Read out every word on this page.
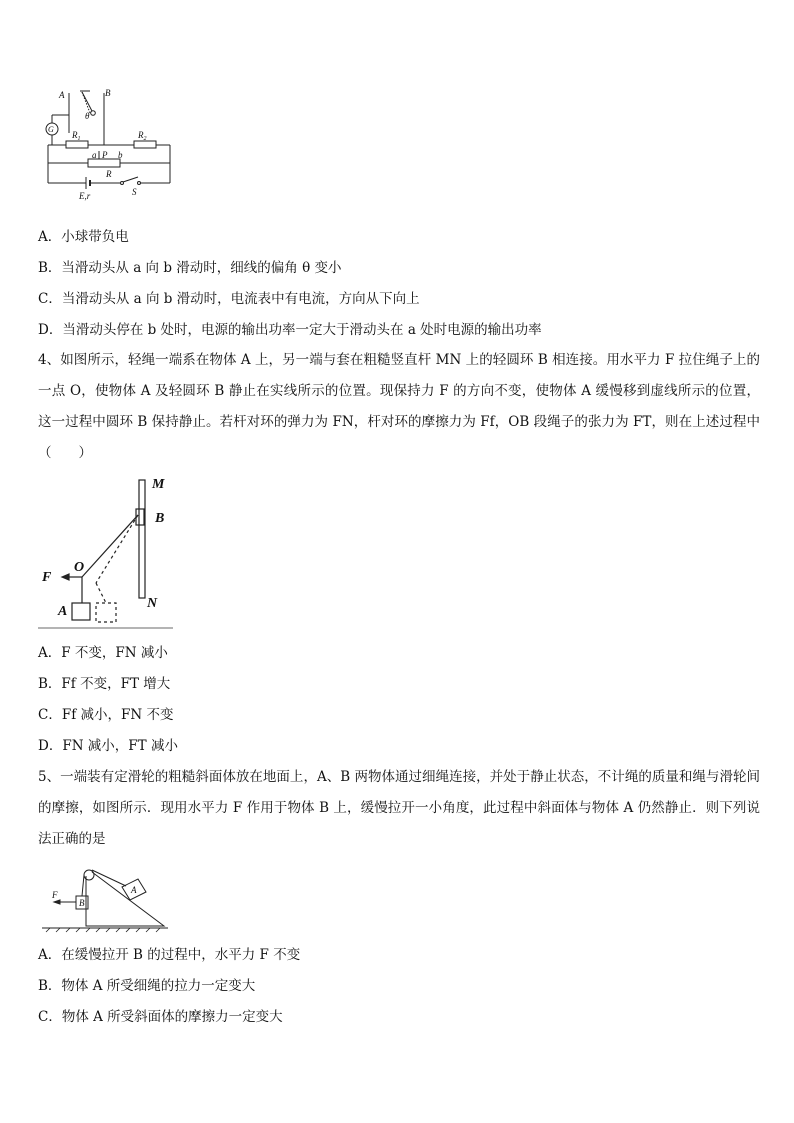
A	B
θ
G
$R_1$	$R_2$
a P b
R
E,r	S
A．小球带负电
B．当滑动头从 a 向 b 滑动时，细线的偏角 θ 变小
C．当滑动头从 a 向 b 滑动时，电流表中有电流，方向从下向上
D．当滑动头停在 b 处时，电源的输出功率一定大于滑动头在 a 处时电源的输出功率
4、如图所示，轻绳一端系在物体 A 上，另一端与套在粗糙竖直杆 MN 上的轻圆环 B 相连接。用水平力 F 拉住绳子上的一点 O，使物体 A 及轻圆环 B 静止在实线所示的位置。现保持力 F 的方向不变，使物体 A 缓慢移到虚线所示的位置，这一过程中圆环 B 保持静止。若杆对环的弹力为 FN，杆对环的摩擦力为 Ff，OB 段绳子的张力为 FT，则在上述过程中（　　）
M
B
O
F
A
N
A．F 不变，FN 减小
B．Ff 不变，FT 增大
C．Ff 减小，FN 不变
D．FN 减小，FT 减小
5、一端装有定滑轮的粗糙斜面体放在地面上，A、B 两物体通过细绳连接，并处于静止状态，不计绳的质量和绳与滑轮间的摩擦，如图所示．现用水平力 F 作用于物体 B 上，缓慢拉开一小角度，此过程中斜面体与物体 A 仍然静止．则下列说法正确的是
F
B
A
A．在缓慢拉开 B 的过程中，水平力 F 不变
B．物体 A 所受细绳的拉力一定变大
C．物体 A 所受斜面体的摩擦力一定变大
